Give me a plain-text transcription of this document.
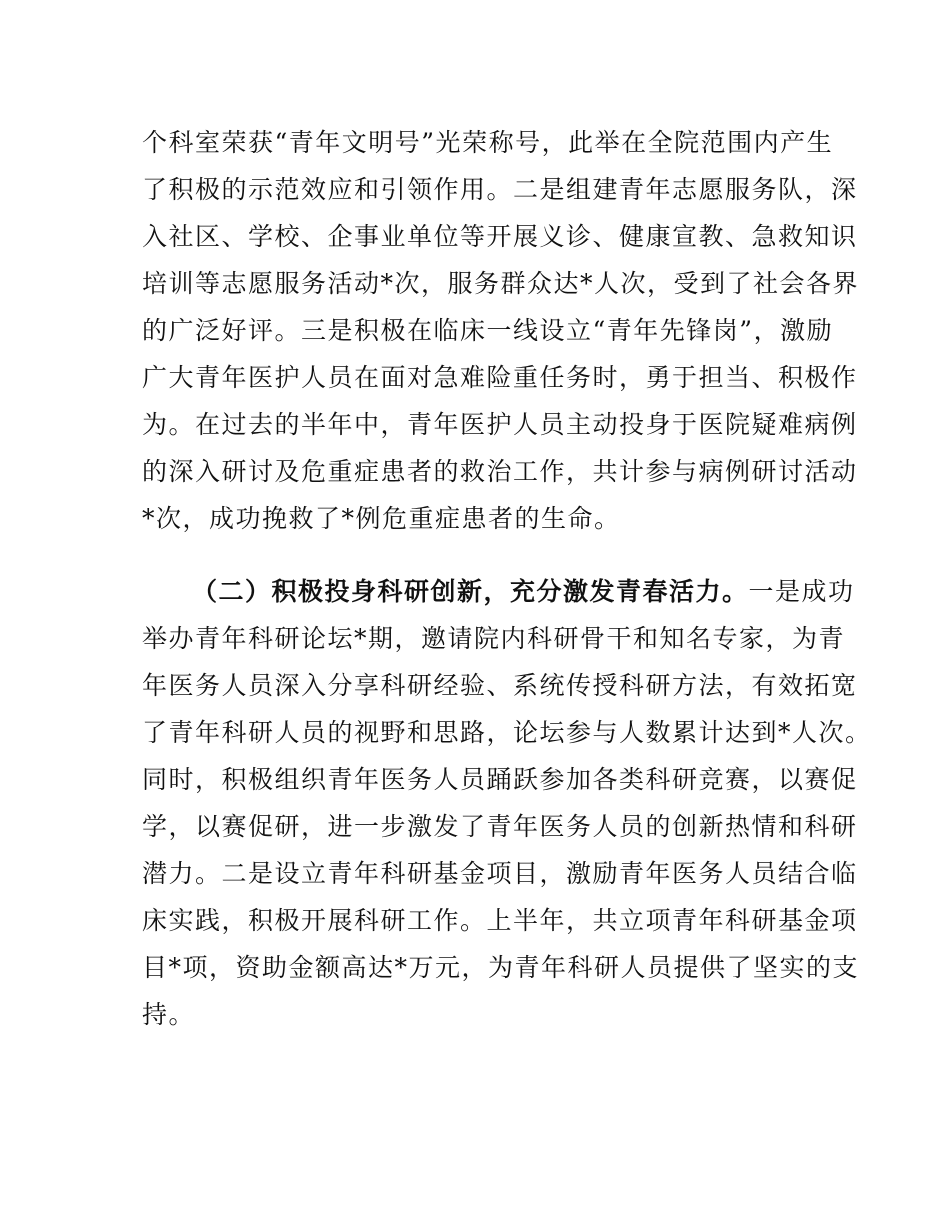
个科室荣获“青年文明号”光荣称号，此举在全院范围内产生
了积极的示范效应和引领作用。二是组建青年志愿服务队，深
入社区、学校、企事业单位等开展义诊、健康宣教、急救知识
培训等志愿服务活动*次，服务群众达*人次，受到了社会各界
的广泛好评。三是积极在临床一线设立“青年先锋岗”，激励
广大青年医护人员在面对急难险重任务时，勇于担当、积极作
为。在过去的半年中，青年医护人员主动投身于医院疑难病例
的深入研讨及危重症患者的救治工作，共计参与病例研讨活动
*次，成功挽救了*例危重症患者的生命。
（二）积极投身科研创新，充分激发青春活力。一是成功
举办青年科研论坛*期，邀请院内科研骨干和知名专家，为青
年医务人员深入分享科研经验、系统传授科研方法，有效拓宽
了青年科研人员的视野和思路，论坛参与人数累计达到*人次。
同时，积极组织青年医务人员踊跃参加各类科研竞赛，以赛促
学，以赛促研，进一步激发了青年医务人员的创新热情和科研
潜力。二是设立青年科研基金项目，激励青年医务人员结合临
床实践，积极开展科研工作。上半年，共立项青年科研基金项
目*项，资助金额高达*万元，为青年科研人员提供了坚实的支
持。
